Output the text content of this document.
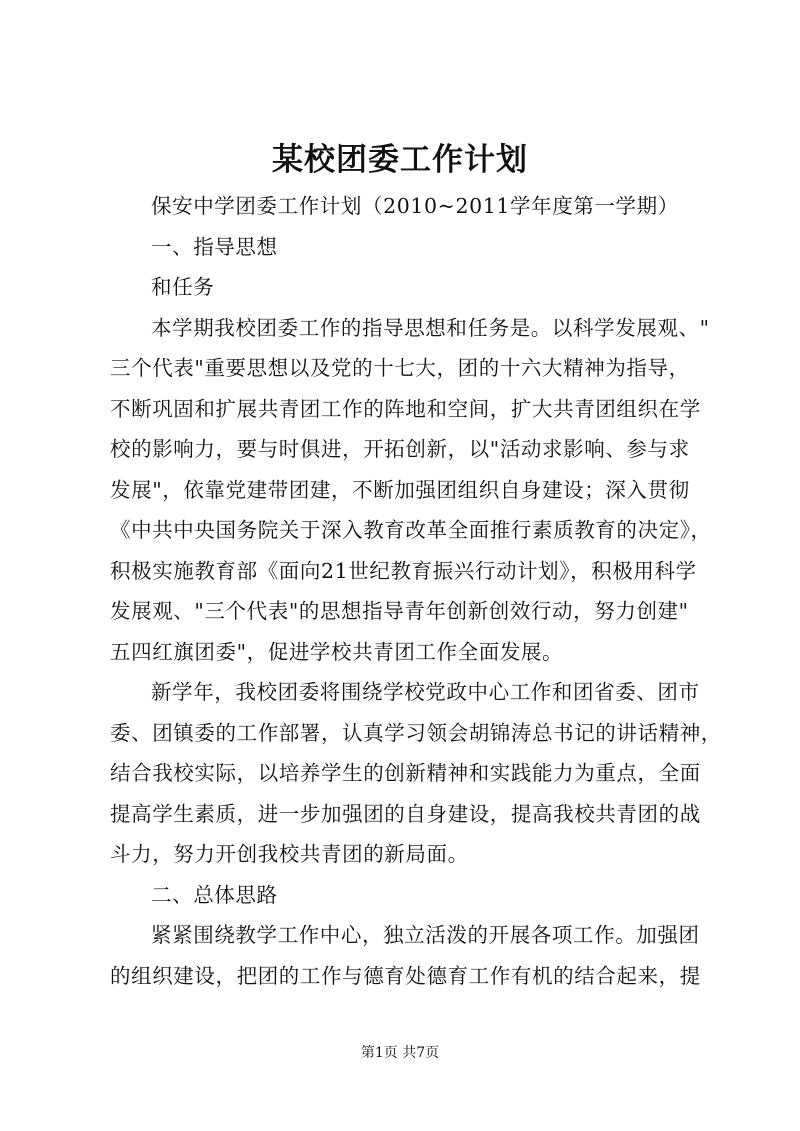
某校团委工作计划

保安中学团委工作计划（2010~2011学年度第一学期）

一、指导思想

和任务

本学期我校团委工作的指导思想和任务是。以科学发展观、"
三个代表"重要思想以及党的十七大，团的十六大精神为指导，
不断巩固和扩展共青团工作的阵地和空间，扩大共青团组织在学
校的影响力，要与时俱进，开拓创新，以"活动求影响、参与求
发展"，依靠党建带团建，不断加强团组织自身建设；深入贯彻
《中共中央国务院关于深入教育改革全面推行素质教育的决定》，
积极实施教育部《面向21世纪教育振兴行动计划》，积极用科学
发展观、"三个代表"的思想指导青年创新创效行动，努力创建"
五四红旗团委"，促进学校共青团工作全面发展。

新学年，我校团委将围绕学校党政中心工作和团省委、团市
委、团镇委的工作部署，认真学习领会胡锦涛总书记的讲话精神，
结合我校实际，以培养学生的创新精神和实践能力为重点，全面
提高学生素质，进一步加强团的自身建设，提高我校共青团的战
斗力，努力开创我校共青团的新局面。

二、总体思路

紧紧围绕教学工作中心，独立活泼的开展各项工作。加强团
的组织建设，把团的工作与德育处德育工作有机的结合起来，提

第1页 共7页
